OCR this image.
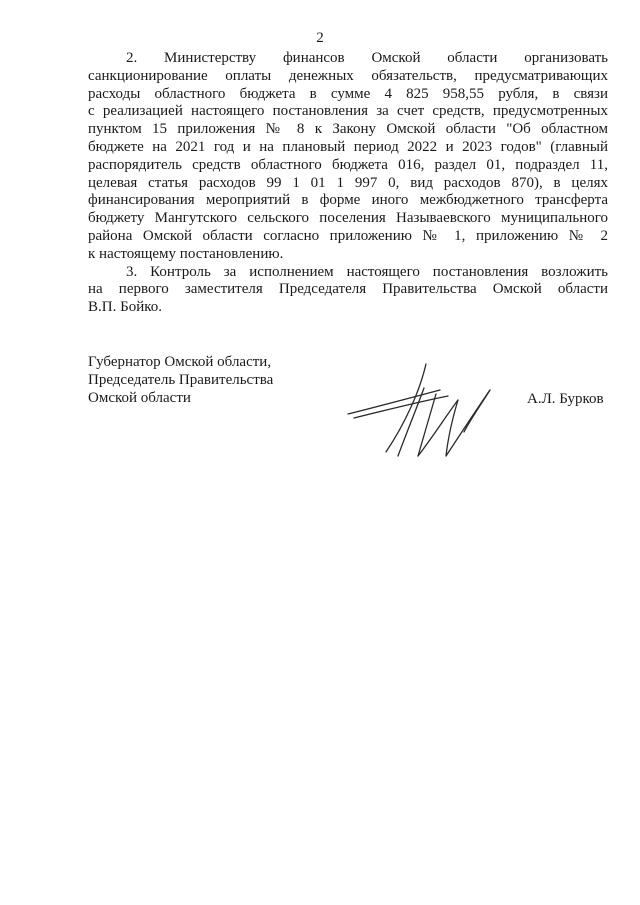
2
2. Министерству финансов Омской области организовать
санкционирование оплаты денежных обязательств, предусматривающих
расходы областного бюджета в сумме 4 825 958,55 рубля, в связи
с реализацией настоящего постановления за счет средств, предусмотренных
пунктом 15 приложения № 8 к Закону Омской области "Об областном
бюджете на 2021 год и на плановый период 2022 и 2023 годов" (главный
распорядитель средств областного бюджета 016, раздел 01, подраздел 11,
целевая статья расходов 99 1 01 1 997 0, вид расходов 870), в целях
финансирования мероприятий в форме иного межбюджетного трансферта
бюджету Мангутского сельского поселения Называевского муниципального
района Омской области согласно приложению № 1, приложению № 2
к настоящему постановлению.
3. Контроль за исполнением настоящего постановления возложить
на первого заместителя Председателя Правительства Омской области
В.П. Бойко.
Губернатор Омской области,
Председатель Правительства
Омской области	А.Л. Бурков
